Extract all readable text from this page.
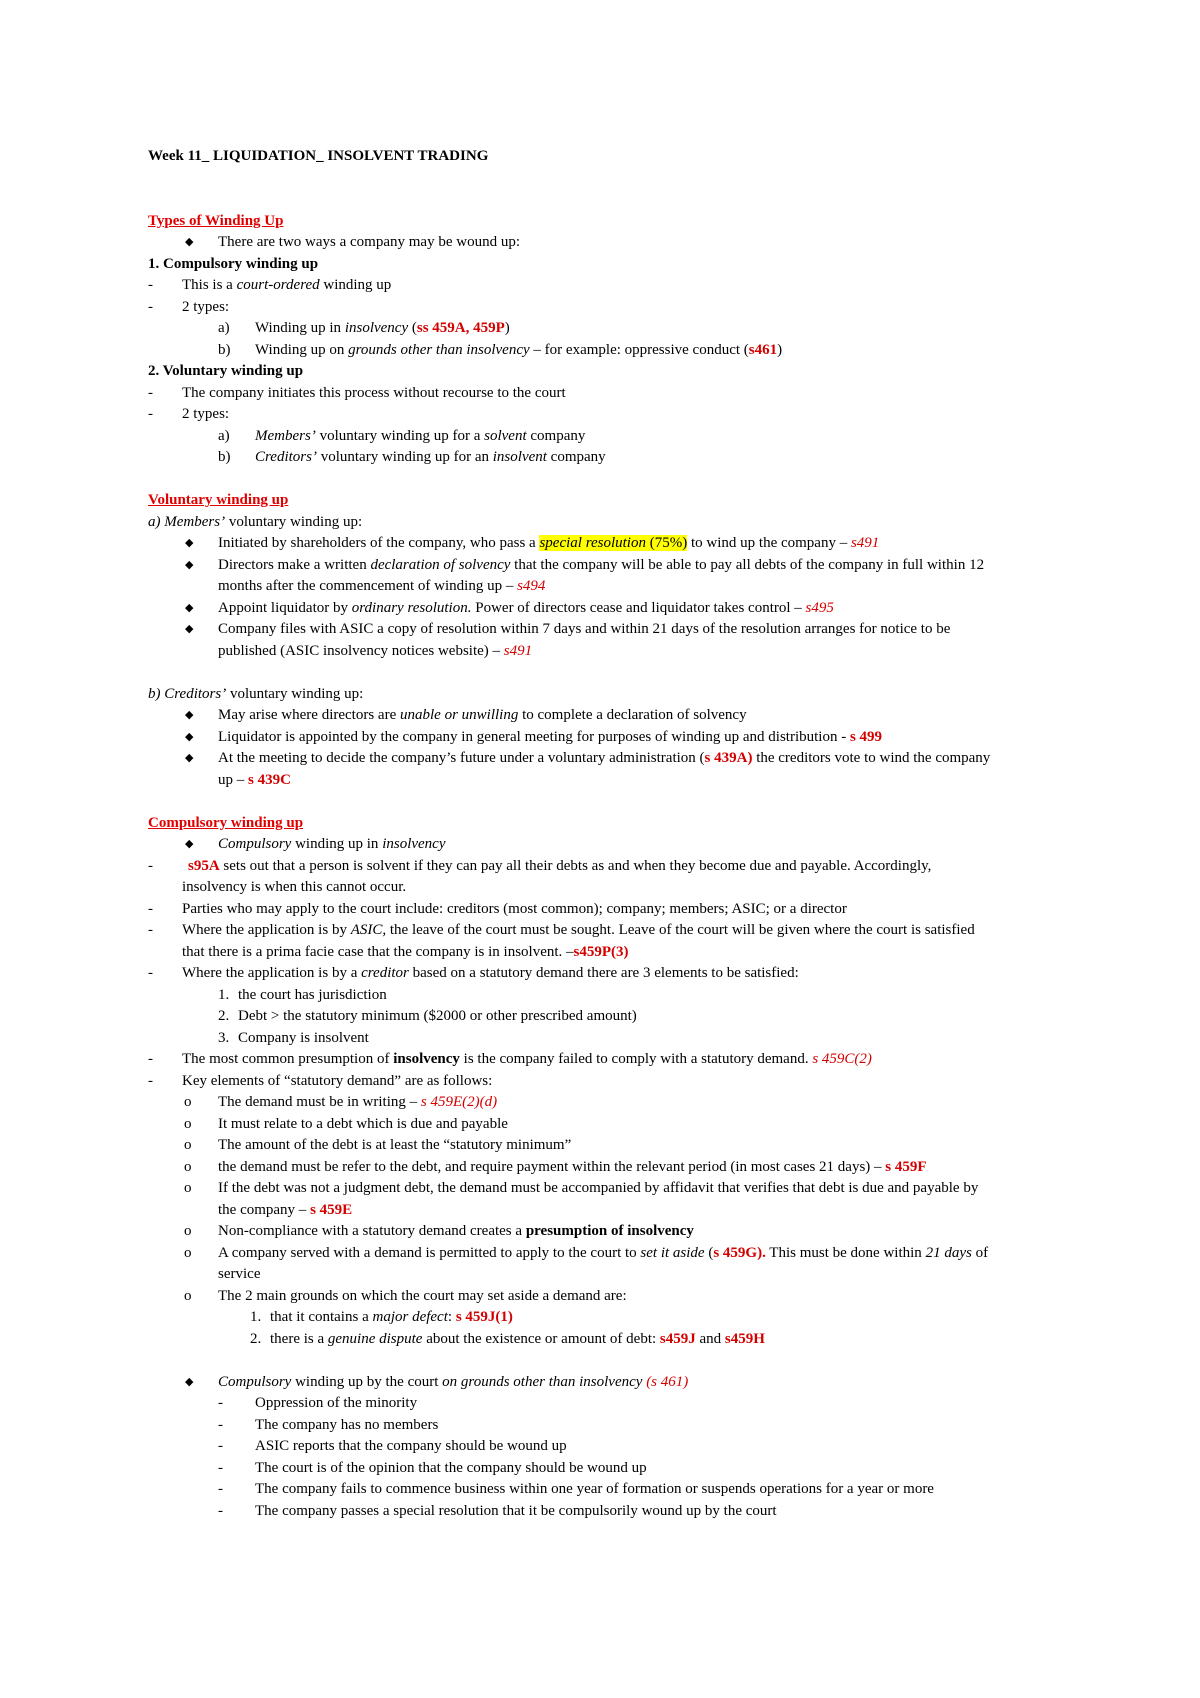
Week 11_ LIQUIDATION_ INSOLVENT TRADING
Types of Winding Up
◆ There are two ways a company may be wound up:
1. Compulsory winding up
- This is a court-ordered winding up
- 2 types:
a) Winding up in insolvency (ss 459A, 459P)
b) Winding up on grounds other than insolvency – for example: oppressive conduct (s461)
2. Voluntary winding up
- The company initiates this process without recourse to the court
- 2 types:
a) Members’ voluntary winding up for a solvent company
b) Creditors’ voluntary winding up for an insolvent company
Voluntary winding up
a) Members’ voluntary winding up:
◆ Initiated by shareholders of the company, who pass a special resolution (75%) to wind up the company – s491
◆ Directors make a written declaration of solvency that the company will be able to pay all debts of the company in full within 12
months after the commencement of winding up – s494
◆ Appoint liquidator by ordinary resolution. Power of directors cease and liquidator takes control – s495
◆ Company files with ASIC a copy of resolution within 7 days and within 21 days of the resolution arranges for notice to be
published (ASIC insolvency notices website) – s491
b) Creditors’ voluntary winding up:
◆ May arise where directors are unable or unwilling to complete a declaration of solvency
◆ Liquidator is appointed by the company in general meeting for purposes of winding up and distribution - s 499
◆ At the meeting to decide the company’s future under a voluntary administration (s 439A) the creditors vote to wind the company
up – s 439C
Compulsory winding up
◆ Compulsory winding up in insolvency
- s95A sets out that a person is solvent if they can pay all their debts as and when they become due and payable. Accordingly,
insolvency is when this cannot occur.
- Parties who may apply to the court include: creditors (most common); company; members; ASIC; or a director
- Where the application is by ASIC, the leave of the court must be sought. Leave of the court will be given where the court is satisfied
that there is a prima facie case that the company is in insolvent. –s459P(3)
- Where the application is by a creditor based on a statutory demand there are 3 elements to be satisfied:
1. the court has jurisdiction
2. Debt > the statutory minimum ($2000 or other prescribed amount)
3. Company is insolvent
- The most common presumption of insolvency is the company failed to comply with a statutory demand. s 459C(2)
- Key elements of “statutory demand” are as follows:
o The demand must be in writing – s 459E(2)(d)
o It must relate to a debt which is due and payable
o The amount of the debt is at least the “statutory minimum”
o the demand must be refer to the debt, and require payment within the relevant period (in most cases 21 days) – s 459F
o If the debt was not a judgment debt, the demand must be accompanied by affidavit that verifies that debt is due and payable by
the company – s 459E
o Non-compliance with a statutory demand creates a presumption of insolvency
o A company served with a demand is permitted to apply to the court to set it aside (s 459G). This must be done within 21 days of
service
o The 2 main grounds on which the court may set aside a demand are:
1. that it contains a major defect: s 459J(1)
2. there is a genuine dispute about the existence or amount of debt: s459J and s459H
◆ Compulsory winding up by the court on grounds other than insolvency (s 461)
- Oppression of the minority
- The company has no members
- ASIC reports that the company should be wound up
- The court is of the opinion that the company should be wound up
- The company fails to commence business within one year of formation or suspends operations for a year or more
- The company passes a special resolution that it be compulsorily wound up by the court
